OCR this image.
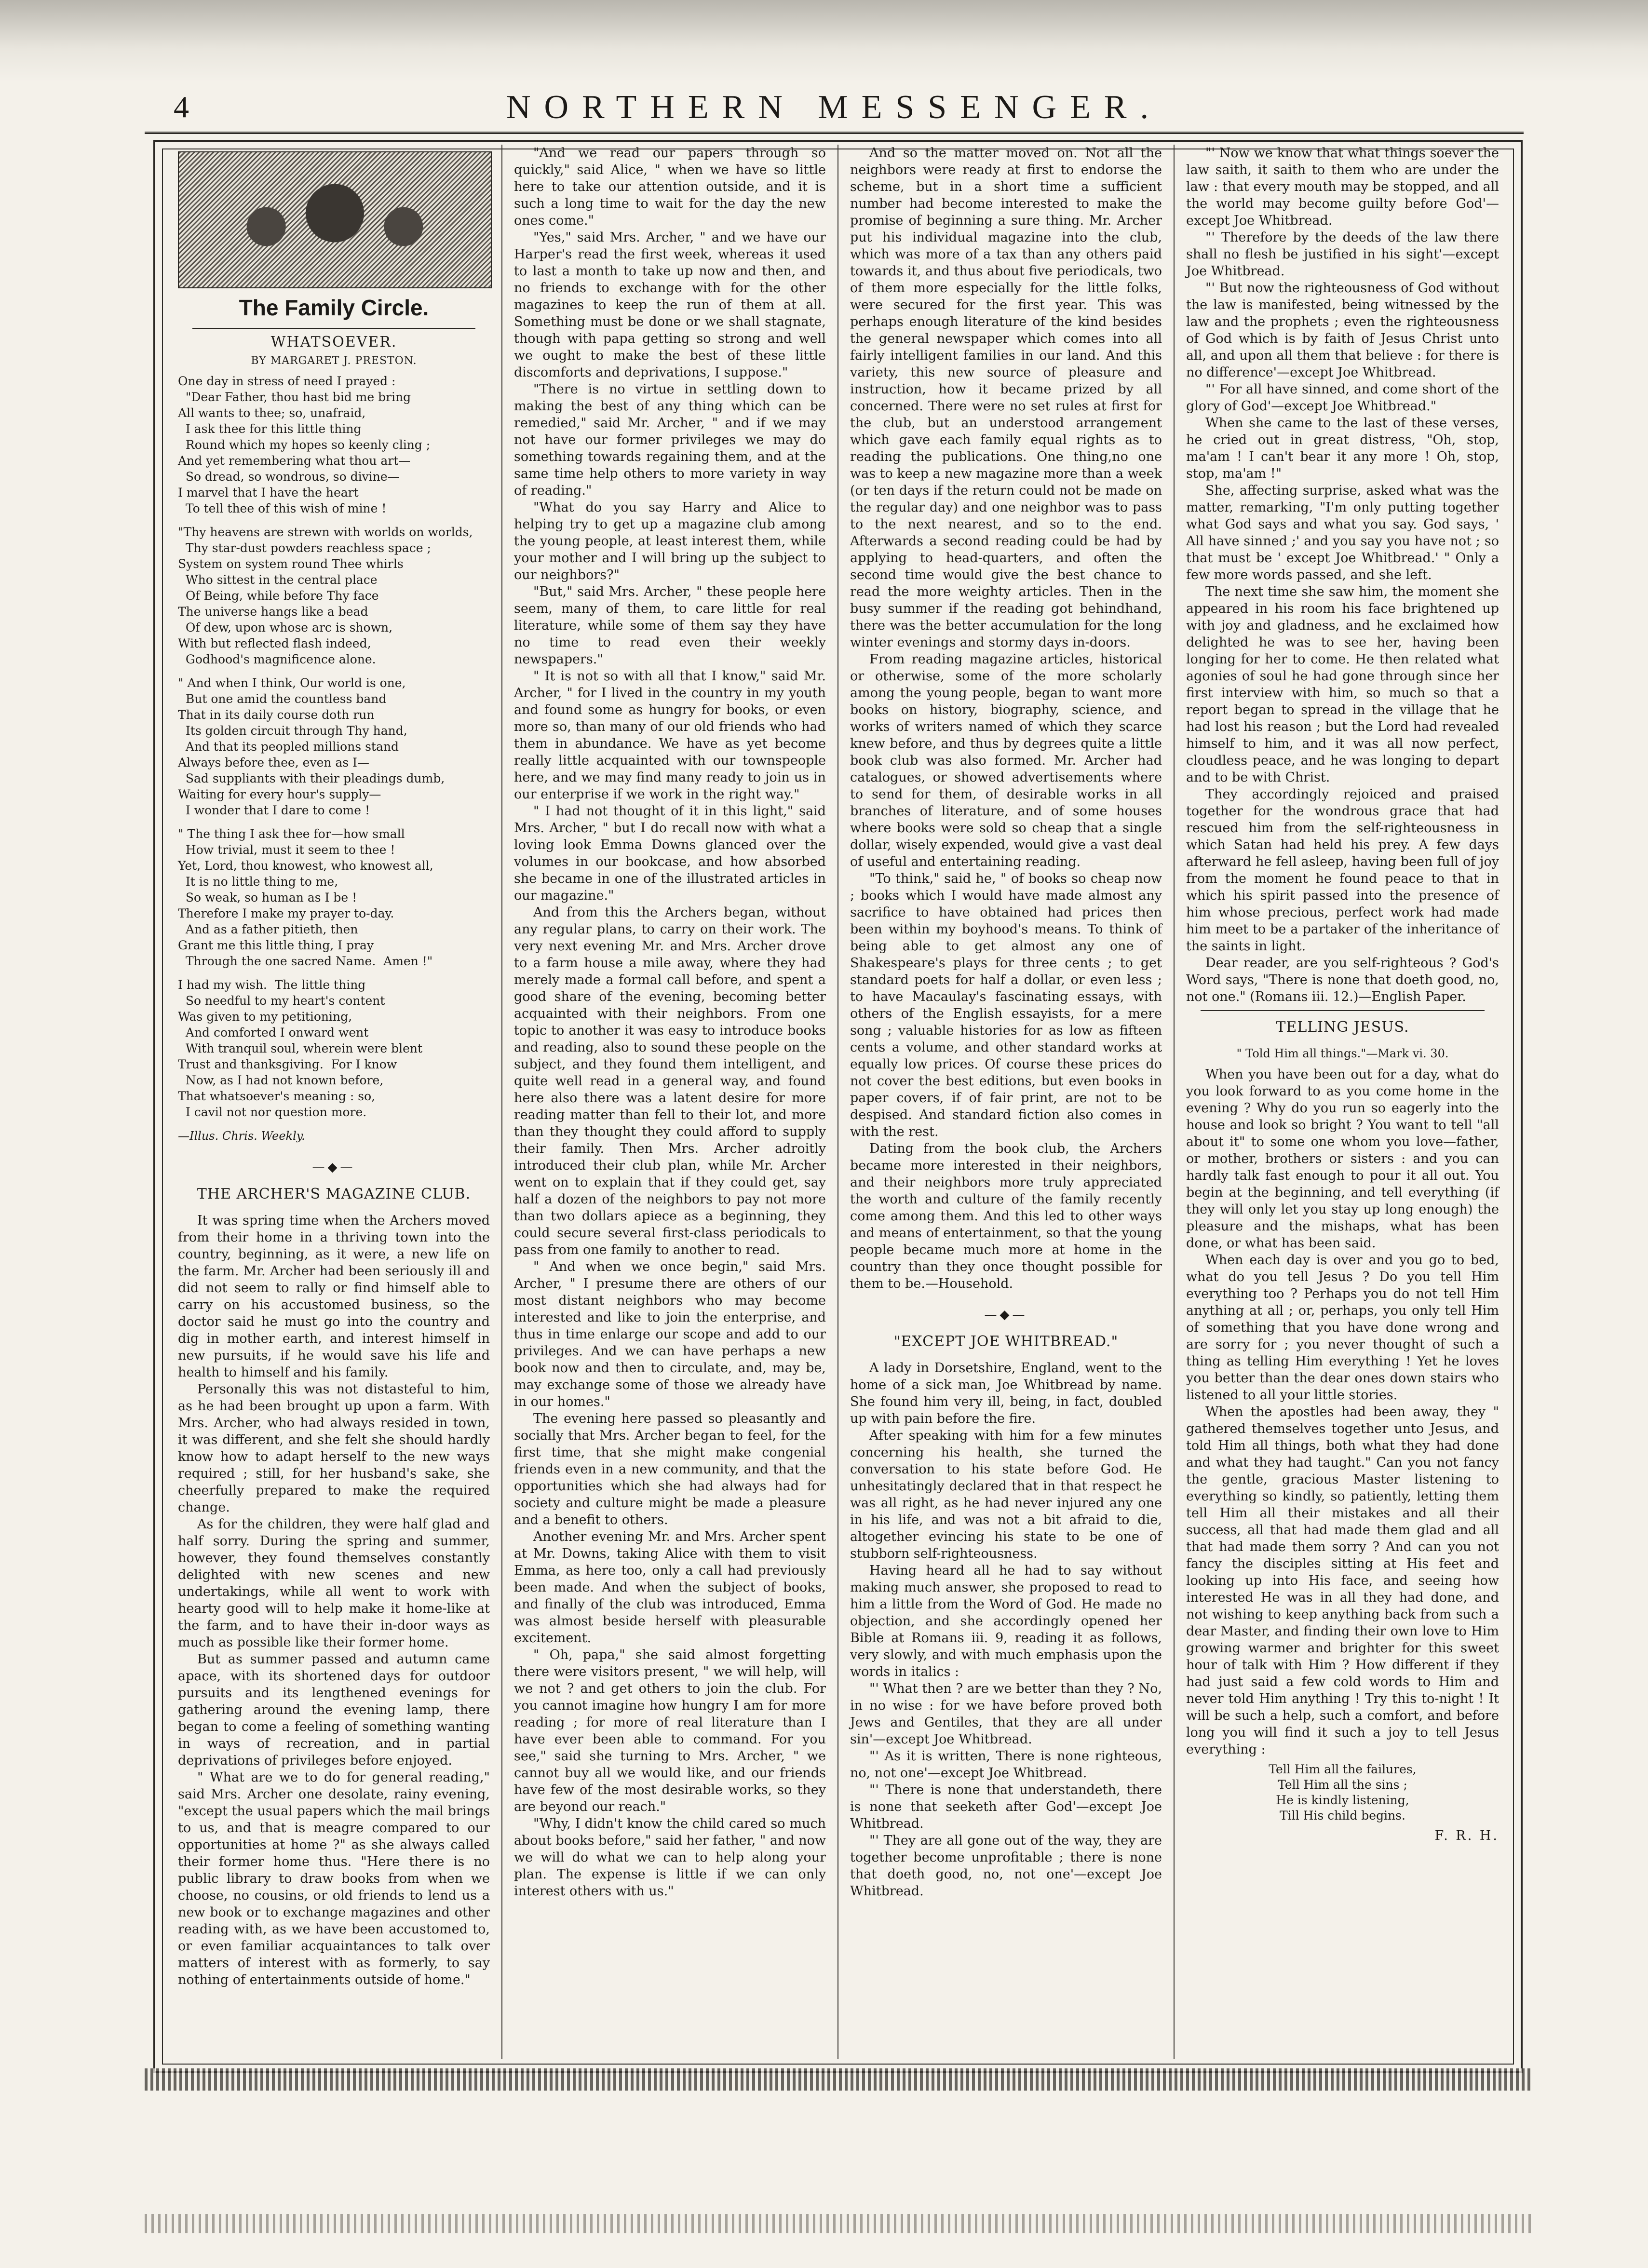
4	NORTHERN MESSENGER.
The Family Circle.
WHATSOEVER.
BY MARGARET J. PRESTON.
One day in stress of need I prayed :
"Dear Father, thou hast bid me bring
All wants to thee; so, unafraid,
I ask thee for this little thing
Round which my hopes so keenly cling ;
And yet remembering what thou art—
So dread, so wondrous, so divine—
I marvel that I have the heart
To tell thee of this wish of mine !
"Thy heavens are strewn with worlds on worlds,
Thy star-dust powders reachless space ;
System on system round Thee whirls
Who sittest in the central place
Of Being, while before Thy face
The universe hangs like a bead
Of dew, upon whose arc is shown,
With but reflected flash indeed,
Godhood's magnificence alone.
" And when I think, Our world is one,
But one amid the countless band
That in its daily course doth run
Its golden circuit through Thy hand,
And that its peopled millions stand
Always before thee, even as I—
Sad suppliants with their pleadings dumb,
Waiting for every hour's supply—
I wonder that I dare to come !
" The thing I ask thee for—how small
How trivial, must it seem to thee !
Yet, Lord, thou knowest, who knowest all,
It is no little thing to me,
So weak, so human as I be !
Therefore I make my prayer to-day.
And as a father pitieth, then
Grant me this little thing, I pray
Through the one sacred Name.  Amen !"
I had my wish.  The little thing
So needful to my heart's content
Was given to my petitioning,
And comforted I onward went
With tranquil soul, wherein were blent
Trust and thanksgiving.  For I know
Now, as I had not known before,
That whatsoever's meaning : so,
I cavil not nor question more.
—Illus. Chris. Weekly.
—◆—
THE ARCHER'S MAGAZINE CLUB.

It was spring time when the Archers moved from their home in a thriving town into the country, beginning, as it were, a new life on the farm. Mr. Archer had been seriously ill and did not seem to rally or find himself able to carry on his accustomed business, so the doctor said he must go into the country and dig in mother earth, and interest himself in new pursuits, if he would save his life and health to himself and his family.

Personally this was not distasteful to him, as he had been brought up upon a farm. With Mrs. Archer, who had always resided in town, it was different, and she felt she should hardly know how to adapt herself to the new ways required ; still, for her husband's sake, she cheerfully prepared to make the required change.

As for the children, they were half glad and half sorry. During the spring and summer, however, they found themselves constantly delighted with new scenes and new undertakings, while all went to work with hearty good will to help make it home-like at the farm, and to have their in-door ways as much as possible like their former home.

But as summer passed and autumn came apace, with its shortened days for outdoor pursuits and its lengthened evenings for gathering around the evening lamp, there began to come a feeling of something wanting in ways of recreation, and in partial deprivations of privileges before enjoyed.

" What are we to do for general reading," said Mrs. Archer one desolate, rainy evening, "except the usual papers which the mail brings to us, and that is meagre compared to our opportunities at home ?" as she always called their former home thus. "Here there is no public library to draw books from when we choose, no cousins, or old friends to lend us a new book or to exchange magazines and other reading with, as we have been accustomed to, or even familiar acquaintances to talk over matters of interest with as formerly, to say nothing of entertainments outside of home."

"And we read our papers through so quickly," said Alice, " when we have so little here to take our attention outside, and it is such a long time to wait for the day the new ones come."

"Yes," said Mrs. Archer, " and we have our Harper's read the first week, whereas it used to last a month to take up now and then, and no friends to exchange with for the other magazines to keep the run of them at all. Something must be done or we shall stagnate, though with papa getting so strong and well we ought to make the best of these little discomforts and deprivations, I suppose."

"There is no virtue in settling down to making the best of any thing which can be remedied," said Mr. Archer, " and if we may not have our former privileges we may do something towards regaining them, and at the same time help others to more variety in way of reading."

"What do you say Harry and Alice to helping try to get up a magazine club among the young people, at least interest them, while your mother and I will bring up the subject to our neighbors?"

"But," said Mrs. Archer, " these people here seem, many of them, to care little for real literature, while some of them say they have no time to read even their weekly newspapers."

" It is not so with all that I know," said Mr. Archer, " for I lived in the country in my youth and found some as hungry for books, or even more so, than many of our old friends who had them in abundance. We have as yet become really little acquainted with our townspeople here, and we may find many ready to join us in our enterprise if we work in the right way."

" I had not thought of it in this light," said Mrs. Archer, " but I do recall now with what a loving look Emma Downs glanced over the volumes in our bookcase, and how absorbed she became in one of the illustrated articles in our magazine."

And from this the Archers began, without any regular plans, to carry on their work. The very next evening Mr. and Mrs. Archer drove to a farm house a mile away, where they had merely made a formal call before, and spent a good share of the evening, becoming better acquainted with their neighbors. From one topic to another it was easy to introduce books and reading, also to sound these people on the subject, and they found them intelligent, and quite well read in a general way, and found here also there was a latent desire for more reading matter than fell to their lot, and more than they thought they could afford to supply their family. Then Mrs. Archer adroitly introduced their club plan, while Mr. Archer went on to explain that if they could get, say half a dozen of the neighbors to pay not more than two dollars apiece as a beginning, they could secure several first-class periodicals to pass from one family to another to read.

" And when we once begin," said Mrs. Archer, " I presume there are others of our most distant neighbors who may become interested and like to join the enterprise, and thus in time enlarge our scope and add to our privileges. And we can have perhaps a new book now and then to circulate, and, may be, may exchange some of those we already have in our homes."

The evening here passed so pleasantly and socially that Mrs. Archer began to feel, for the first time, that she might make congenial friends even in a new community, and that the opportunities which she had always had for society and culture might be made a pleasure and a benefit to others.

Another evening Mr. and Mrs. Archer spent at Mr. Downs, taking Alice with them to visit Emma, as here too, only a call had previously been made. And when the subject of books, and finally of the club was introduced, Emma was almost beside herself with pleasurable excitement.

" Oh, papa," she said almost forgetting there were visitors present, " we will help, will we not ? and get others to join the club. For you cannot imagine how hungry I am for more reading ; for more of real literature than I have ever been able to command. For you see," said she turning to Mrs. Archer, " we cannot buy all we would like, and our friends have few of the most desirable works, so they are beyond our reach."

"Why, I didn't know the child cared so much about books before," said her father, " and now we will do what we can to help along your plan. The expense is little if we can only interest others with us."

And so the matter moved on. Not all the neighbors were ready at first to endorse the scheme, but in a short time a sufficient number had become interested to make the promise of beginning a sure thing. Mr. Archer put his individual magazine into the club, which was more of a tax than any others paid towards it, and thus about five periodicals, two of them more especially for the little folks, were secured for the first year. This was perhaps enough literature of the kind besides the general newspaper which comes into all fairly intelligent families in our land. And this variety, this new source of pleasure and instruction, how it became prized by all concerned. There were no set rules at first for the club, but an understood arrangement which gave each family equal rights as to reading the publications. One thing,no one was to keep a new magazine more than a week (or ten days if the return could not be made on the regular day) and one neighbor was to pass to the next nearest, and so to the end. Afterwards a second reading could be had by applying to head-quarters, and often the second time would give the best chance to read the more weighty articles. Then in the busy summer if the reading got behindhand, there was the better accumulation for the long winter evenings and stormy days in-doors.

From reading magazine articles, historical or otherwise, some of the more scholarly among the young people, began to want more books on history, biography, science, and works of writers named of which they scarce knew before, and thus by degrees quite a little book club was also formed. Mr. Archer had catalogues, or showed advertisements where to send for them, of desirable works in all branches of literature, and of some houses where books were sold so cheap that a single dollar, wisely expended, would give a vast deal of useful and entertaining reading.

"To think," said he, " of books so cheap now ; books which I would have made almost any sacrifice to have obtained had prices then been within my boyhood's means. To think of being able to get almost any one of Shakespeare's plays for three cents ; to get standard poets for half a dollar, or even less ; to have Macaulay's fascinating essays, with others of the English essayists, for a mere song ; valuable histories for as low as fifteen cents a volume, and other standard works at equally low prices. Of course these prices do not cover the best editions, but even books in paper covers, if of fair print, are not to be despised. And standard fiction also comes in with the rest.

Dating from the book club, the Archers became more interested in their neighbors, and their neighbors more truly appreciated the worth and culture of the family recently come among them. And this led to other ways and means of entertainment, so that the young people became much more at home in the country than they once thought possible for them to be.—Household.

—◆—
"EXCEPT JOE WHITBREAD."

A lady in Dorsetshire, England, went to the home of a sick man, Joe Whitbread by name. She found him very ill, being, in fact, doubled up with pain before the fire.

After speaking with him for a few minutes concerning his health, she turned the conversation to his state before God. He unhesitatingly declared that in that respect he was all right, as he had never injured any one in his life, and was not a bit afraid to die, altogether evincing his state to be one of stubborn self-righteousness.

Having heard all he had to say without making much answer, she proposed to read to him a little from the Word of God. He made no objection, and she accordingly opened her Bible at Romans iii. 9, reading it as follows, very slowly, and with much emphasis upon the words in italics :

"' What then ? are we better than they ? No, in no wise : for we have before proved both Jews and Gentiles, that they are all under sin'—except Joe Whitbread.

"' As it is written, There is none righteous, no, not one'—except Joe Whitbread.

"' There is none that understandeth, there is none that seeketh after God'—except Joe Whitbread.

"' They are all gone out of the way, they are together become unprofitable ; there is none that doeth good, no, not one'—except Joe Whitbread.

"' Now we know that what things soever the law saith, it saith to them who are under the law : that every mouth may be stopped, and all the world may become guilty before God'—except Joe Whitbread.

"' Therefore by the deeds of the law there shall no flesh be justified in his sight'—except Joe Whitbread.

"' But now the righteousness of God without the law is manifested, being witnessed by the law and the prophets ; even the righteousness of God which is by faith of Jesus Christ unto all, and upon all them that believe : for there is no difference'—except Joe Whitbread.

"' For all have sinned, and come short of the glory of God'—except Joe Whitbread."

When she came to the last of these verses, he cried out in great distress, "Oh, stop, ma'am ! I can't bear it any more ! Oh, stop, stop, ma'am !"

She, affecting surprise, asked what was the matter, remarking, "I'm only putting together what God says and what you say. God says, ' All have sinned ;' and you say you have not ; so that must be ' except Joe Whitbread.' " Only a few more words passed, and she left.

The next time she saw him, the moment she appeared in his room his face brightened up with joy and gladness, and he exclaimed how delighted he was to see her, having been longing for her to come. He then related what agonies of soul he had gone through since her first interview with him, so much so that a report began to spread in the village that he had lost his reason ; but the Lord had revealed himself to him, and it was all now perfect, cloudless peace, and he was longing to depart and to be with Christ.

They accordingly rejoiced and praised together for the wondrous grace that had rescued him from the self-righteousness in which Satan had held his prey. A few days afterward he fell asleep, having been full of joy from the moment he found peace to that in which his spirit passed into the presence of him whose precious, perfect work had made him meet to be a partaker of the inheritance of the saints in light.

Dear reader, are you self-righteous ? God's Word says, "There is none that doeth good, no, not one." (Romans iii. 12.)—English Paper.

TELLING JESUS.
" Told Him all things."—Mark vi. 30.

When you have been out for a day, what do you look forward to as you come home in the evening ? Why do you run so eagerly into the house and look so bright ? You want to tell "all about it" to some one whom you love—father, or mother, brothers or sisters : and you can hardly talk fast enough to pour it all out. You begin at the beginning, and tell everything (if they will only let you stay up long enough) the pleasure and the mishaps, what has been done, or what has been said.

When each day is over and you go to bed, what do you tell Jesus ? Do you tell Him everything too ? Perhaps you do not tell Him anything at all ; or, perhaps, you only tell Him of something that you have done wrong and are sorry for ; you never thought of such a thing as telling Him everything ! Yet he loves you better than the dear ones down stairs who listened to all your little stories.

When the apostles had been away, they " gathered themselves together unto Jesus, and told Him all things, both what they had done and what they had taught." Can you not fancy the gentle, gracious Master listening to everything so kindly, so patiently, letting them tell Him all their mistakes and all their success, all that had made them glad and all that had made them sorry ? And can you not fancy the disciples sitting at His feet and looking up into His face, and seeing how interested He was in all they had done, and not wishing to keep anything back from such a dear Master, and finding their own love to Him growing warmer and brighter for this sweet hour of talk with Him ? How different if they had just said a few cold words to Him and never told Him anything ! Try this to-night ! It will be such a help, such a comfort, and before long you will find it such a joy to tell Jesus everything :

Tell Him all the failures,
Tell Him all the sins ;
He is kindly listening,
Till His child begins.
F. R. H.
